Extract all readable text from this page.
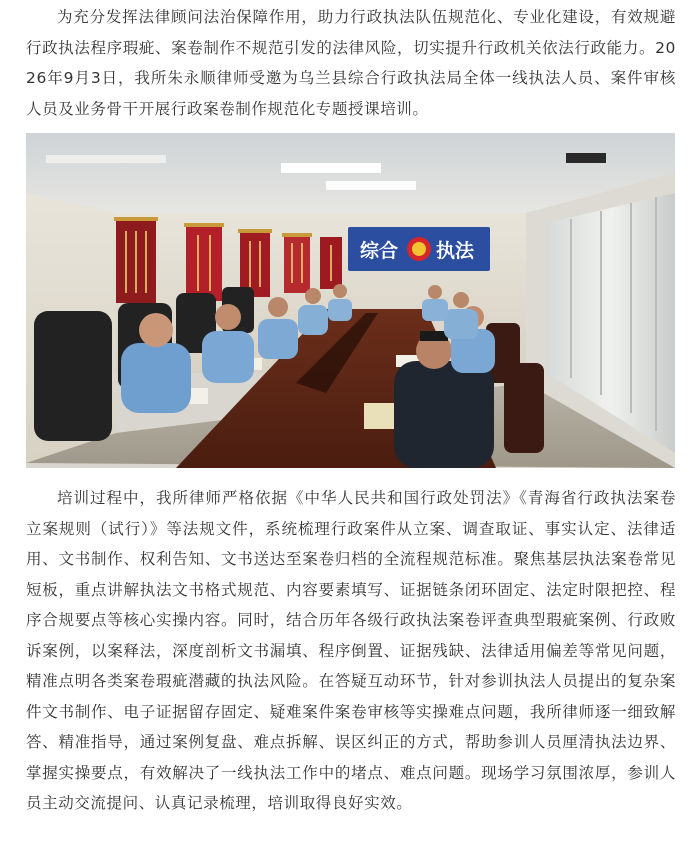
为充分发挥法律顾问法治保障作用，助力行政执法队伍规范化、专业化建设，有效规避行政执法程序瑕疵、案卷制作不规范引发的法律风险，切实提升行政机关依法行政能力。2026年9月3日，我所朱永顺律师受邀为乌兰县综合行政执法局全体一线执法人员、案件审核人员及业务骨干开展行政案卷制作规范化专题授课培训。

综合 执法

培训过程中，我所律师严格依据《中华人民共和国行政处罚法》《青海省行政执法案卷立案规则（试行）》等法规文件，系统梳理行政案件从立案、调查取证、事实认定、法律适用、文书制作、权利告知、文书送达至案卷归档的全流程规范标准。聚焦基层执法案卷常见短板，重点讲解执法文书格式规范、内容要素填写、证据链条闭环固定、法定时限把控、程序合规要点等核心实操内容。同时，结合历年各级行政执法案卷评查典型瑕疵案例、行政败诉案例，以案释法，深度剖析文书漏填、程序倒置、证据残缺、法律适用偏差等常见问题，精准点明各类案卷瑕疵潜藏的执法风险。在答疑互动环节，针对参训执法人员提出的复杂案件文书制作、电子证据留存固定、疑难案件案卷审核等实操难点问题，我所律师逐一细致解答、精准指导，通过案例复盘、难点拆解、误区纠正的方式，帮助参训人员厘清执法边界、掌握实操要点，有效解决了一线执法工作中的堵点、难点问题。现场学习氛围浓厚，参训人员主动交流提问、认真记录梳理，培训取得良好实效。
